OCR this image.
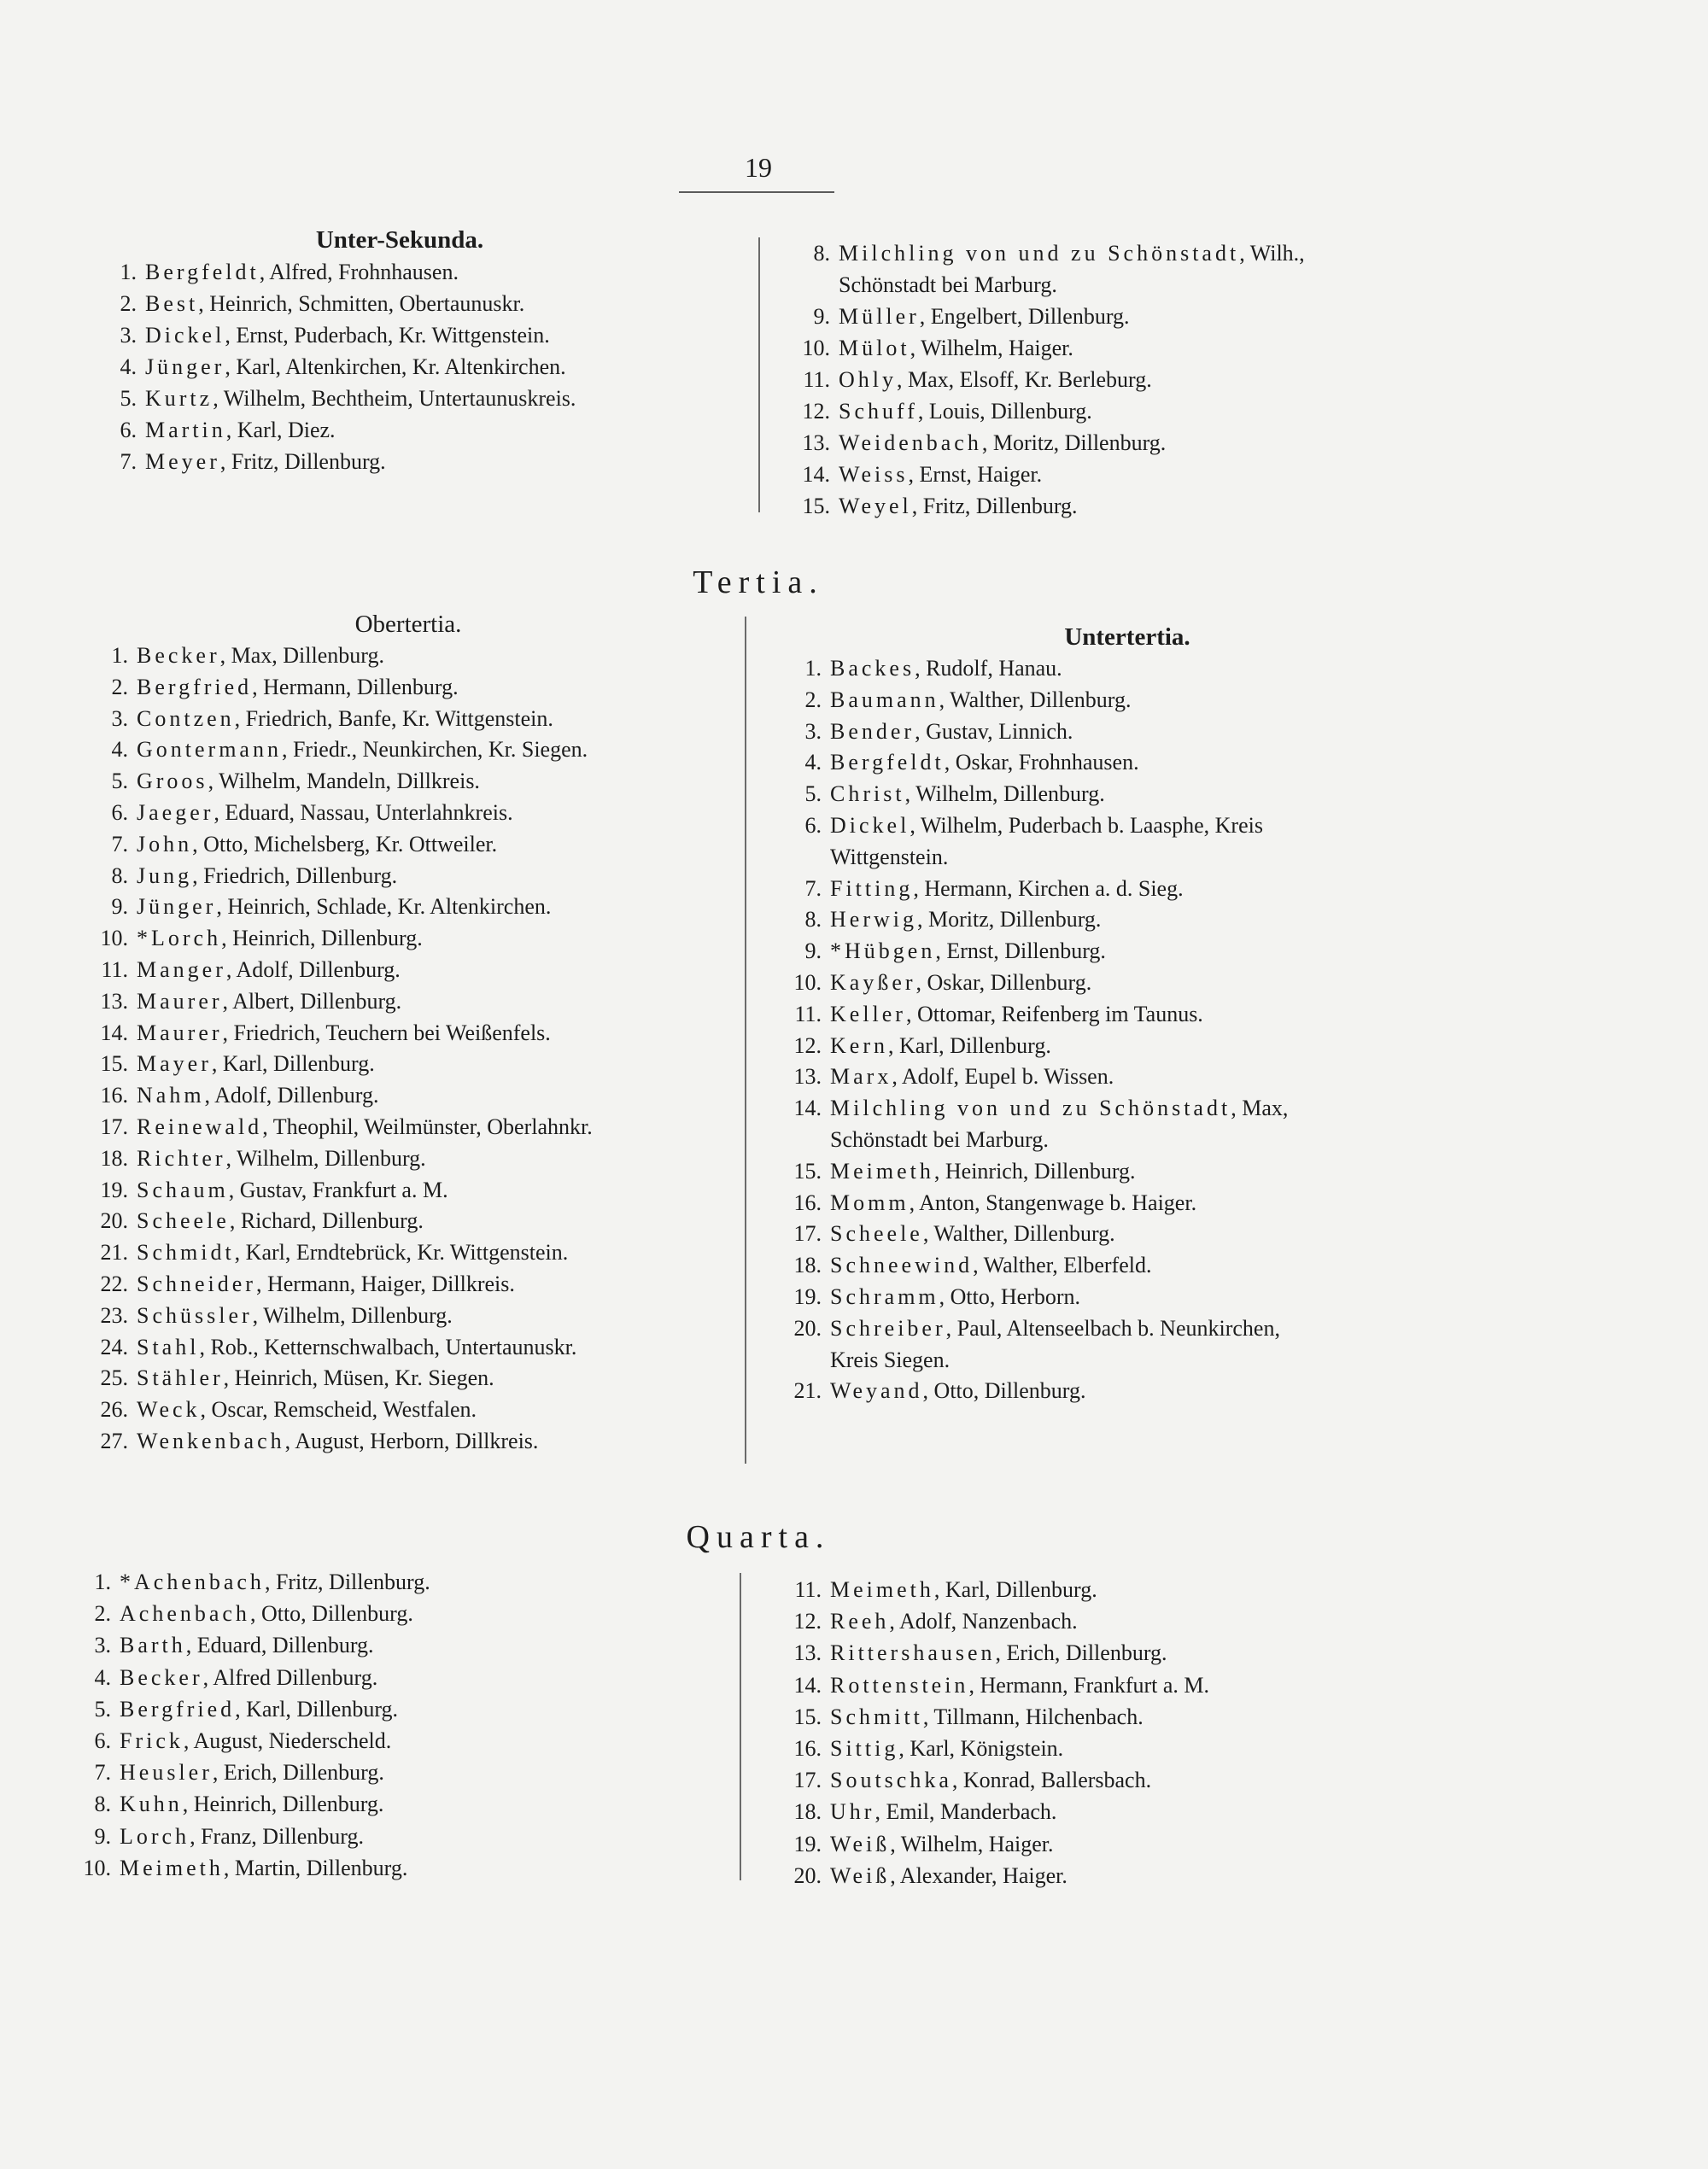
19
Unter-Sekunda.
1. Bergfeldt, Alfred, Frohnhausen.
2. Best, Heinrich, Schmitten, Obertaunuskr.
3. Dickel, Ernst, Puderbach, Kr. Wittgenstein.
4. Jünger, Karl, Altenkirchen, Kr. Altenkirchen.
5. Kurtz, Wilhelm, Bechtheim, Untertaunuskreis.
6. Martin, Karl, Diez.
7. Meyer, Fritz, Dillenburg.
8. Milchling von und zu Schönstadt, Wilh.,
Schönstadt bei Marburg.
9. Müller, Engelbert, Dillenburg.
10. Mülot, Wilhelm, Haiger.
11. Ohly, Max, Elsoff, Kr. Berleburg.
12. Schuff, Louis, Dillenburg.
13. Weidenbach, Moritz, Dillenburg.
14. Weiss, Ernst, Haiger.
15. Weyel, Fritz, Dillenburg.
Tertia.
Obertertia.
1. Becker, Max, Dillenburg.
2. Bergfried, Hermann, Dillenburg.
3. Contzen, Friedrich, Banfe, Kr. Wittgenstein.
4. Gontermann, Friedr., Neunkirchen, Kr. Siegen.
5. Groos, Wilhelm, Mandeln, Dillkreis.
6. Jaeger, Eduard, Nassau, Unterlahnkreis.
7. John, Otto, Michelsberg, Kr. Ottweiler.
8. Jung, Friedrich, Dillenburg.
9. Jünger, Heinrich, Schlade, Kr. Altenkirchen.
10. *Lorch, Heinrich, Dillenburg.
11. Manger, Adolf, Dillenburg.
13. Maurer, Albert, Dillenburg.
14. Maurer, Friedrich, Teuchern bei Weißenfels.
15. Mayer, Karl, Dillenburg.
16. Nahm, Adolf, Dillenburg.
17. Reinewald, Theophil, Weilmünster, Oberlahnkr.
18. Richter, Wilhelm, Dillenburg.
19. Schaum, Gustav, Frankfurt a. M.
20. Scheele, Richard, Dillenburg.
21. Schmidt, Karl, Erndtebrück, Kr. Wittgenstein.
22. Schneider, Hermann, Haiger, Dillkreis.
23. Schüssler, Wilhelm, Dillenburg.
24. Stahl, Rob., Ketternschwalbach, Untertaunuskr.
25. Stähler, Heinrich, Müsen, Kr. Siegen.
26. Weck, Oscar, Remscheid, Westfalen.
27. Wenkenbach, August, Herborn, Dillkreis.
Untertertia.
1. Backes, Rudolf, Hanau.
2. Baumann, Walther, Dillenburg.
3. Bender, Gustav, Linnich.
4. Bergfeldt, Oskar, Frohnhausen.
5. Christ, Wilhelm, Dillenburg.
6. Dickel, Wilhelm, Puderbach b. Laasphe, Kreis
Wittgenstein.
7. Fitting, Hermann, Kirchen a. d. Sieg.
8. Herwig, Moritz, Dillenburg.
9. *Hübgen, Ernst, Dillenburg.
10. Kayßer, Oskar, Dillenburg.
11. Keller, Ottomar, Reifenberg im Taunus.
12. Kern, Karl, Dillenburg.
13. Marx, Adolf, Eupel b. Wissen.
14. Milchling von und zu Schönstadt, Max,
Schönstadt bei Marburg.
15. Meimeth, Heinrich, Dillenburg.
16. Momm, Anton, Stangenwage b. Haiger.
17. Scheele, Walther, Dillenburg.
18. Schneewind, Walther, Elberfeld.
19. Schramm, Otto, Herborn.
20. Schreiber, Paul, Altenseelbach b. Neunkirchen,
Kreis Siegen.
21. Weyand, Otto, Dillenburg.
Quarta.
1. *Achenbach, Fritz, Dillenburg.
2. Achenbach, Otto, Dillenburg.
3. Barth, Eduard, Dillenburg.
4. Becker, Alfred Dillenburg.
5. Bergfried, Karl, Dillenburg.
6. Frick, August, Niederscheld.
7. Heusler, Erich, Dillenburg.
8. Kuhn, Heinrich, Dillenburg.
9. Lorch, Franz, Dillenburg.
10. Meimeth, Martin, Dillenburg.
11. Meimeth, Karl, Dillenburg.
12. Reeh, Adolf, Nanzenbach.
13. Rittershausen, Erich, Dillenburg.
14. Rottenstein, Hermann, Frankfurt a. M.
15. Schmitt, Tillmann, Hilchenbach.
16. Sittig, Karl, Königstein.
17. Soutschka, Konrad, Ballersbach.
18. Uhr, Emil, Manderbach.
19. Weiß, Wilhelm, Haiger.
20. Weiß, Alexander, Haiger.
